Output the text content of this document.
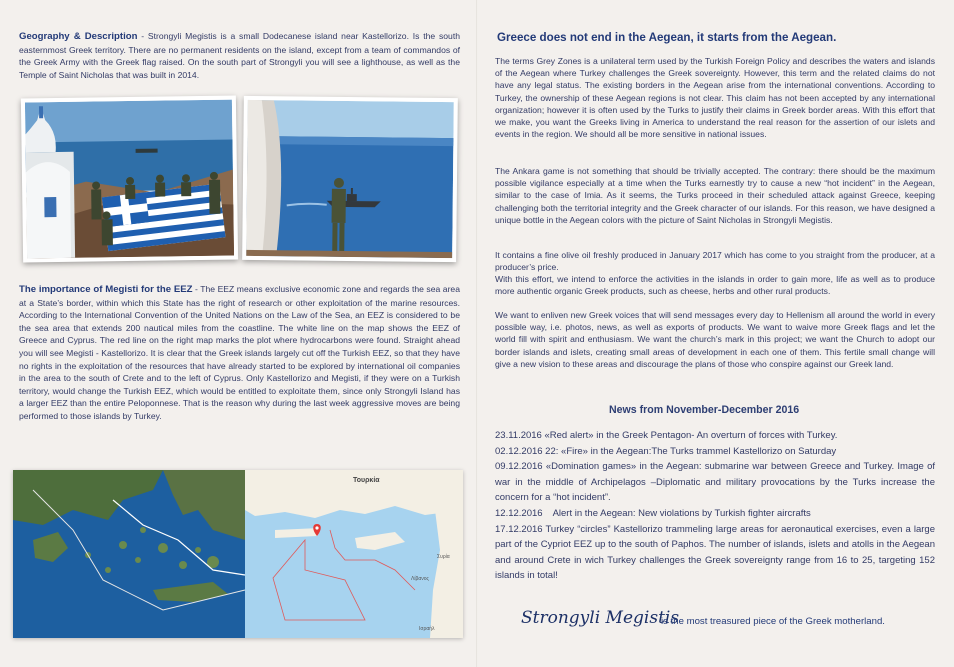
Geography & Description - Strongyli Megistis is a small Dodecanese island near Kastellorizo. Is the south easternmost Greek territory. There are no permanent residents on the island, except from a team of commandos of the Greek Army with the Greek flag raised. On the south part of Strongyli you will see a lighthouse, as well as the Temple of Saint Nicholas that was built in 2014.

The importance of Megisti for the EEZ - The EEZ means exclusive economic zone and regards the sea area at a State’s border, within which this State has the right of research or other exploitation of the marine resources. According to the International Convention of the United Nations on the Law of the Sea, an EEZ is considered to be the sea area that extends 200 nautical miles from the coastline. The white line on the map shows the EEZ of Greece and Cyprus. The red line on the right map marks the plot where hydrocarbons were found. Straight ahead you will see Megisti - Kastellorizo. It is clear that the Greek islands largely cut off the Turkish EEZ, so that they have no rights in the exploitation of the resources that have already started to be explored by international oil companies in the area to the south of Crete and to the left of Cyprus. Only Kastellorizo and Megisti, if they were on a Turkish territory, would change the Turkish EEZ, which would be entitled to exploitate them, since only Strongyli Island has a larger EEZ than the entire Peloponnese. That is the reason why during the last week aggressive moves are being performed to those islands by Turkey.

Τουρκία
Συρία
Λίβανος
Ισραήλ
Greece does not end in the Aegean, it starts from the Aegean.

The terms Grey Zones is a unilateral term used by the Turkish Foreign Policy and describes the waters and islands of the Aegean where Turkey challenges the Greek sovereignty. However, this term and the related claims do not have any legal status. The existing borders in the Aegean arise from the international conventions. According to Turkey, the ownership of these Aegean regions is not clear. This claim has not been accepted by any international organization; however it is often used by the Turks to justify their claims in Greek border areas. With this effort that we make, you want the Greeks living in America to understand the real reason for the assertion of our islets and events in the region. We should all be more sensitive in national issues.

The Ankara game is not something that should be trivially accepted. The contrary: there should be the maximum possible vigilance especially at a time when the Turks earnestly try to cause a new “hot incident” in the Aegean, similar to the case of Imia. As it seems, the Turks proceed in their scheduled attack against Greece, keeping challenging both the territorial integrity and the Greek character of our islands. For this reason, we have designed a unique bottle in the Aegean colors with the picture of Saint Nicholas in Strongyli Megistis.

It contains a fine olive oil freshly produced in January 2017 which has come to you straight from the producer, at a producer’s price.

With this effort, we intend to enforce the activities in the islands in order to gain more, life as well as to produce more authentic organic Greek products, such as cheese, herbs and other rural products.

We want to enliven new Greek voices that will send messages every day to Hellenism all around the world in every possible way, i.e. photos, news, as well as exports of products. We want to waive more Greek flags and let the world fill with spirit and enthusiasm. We want the church’s mark in this project; we want the Church to adopt our border islands and islets, creating small areas of development in each one of them. This fertile small change will give a new vision to these areas and discourage the plans of those who conspire against our Greek land.

News from November-December 2016
23.11.2016 «Red alert» in the Greek Pentagon- An overturn of forces with Turkey.
02.12.2016 22: «Fire» in the Aegean:The Turks trammel Kastellorizo on Saturday
09.12.2016 «Domination games» in the Aegean: submarine war between Greece and Turkey. Image of war in the middle of Archipelagos –Diplomatic and military provocations by the Turks increase the concern for a “hot incident”.
12.12.2016    Alert in the Aegean: New violations by Turkish fighter aircrafts
17.12.2016 Turkey “circles” Kastellorizo trammeling large areas for aeronautical exercises, even a large part of the Cypriot EEZ up to the south of Paphos. The number of islands, islets and atolls in the Aegean and around Crete in wich Turkey challenges the Greek sovereignty range from 16 to 25, targeting 152 islands in total!
Strongyli Megistis
is the most treasured piece of the Greek motherland.
